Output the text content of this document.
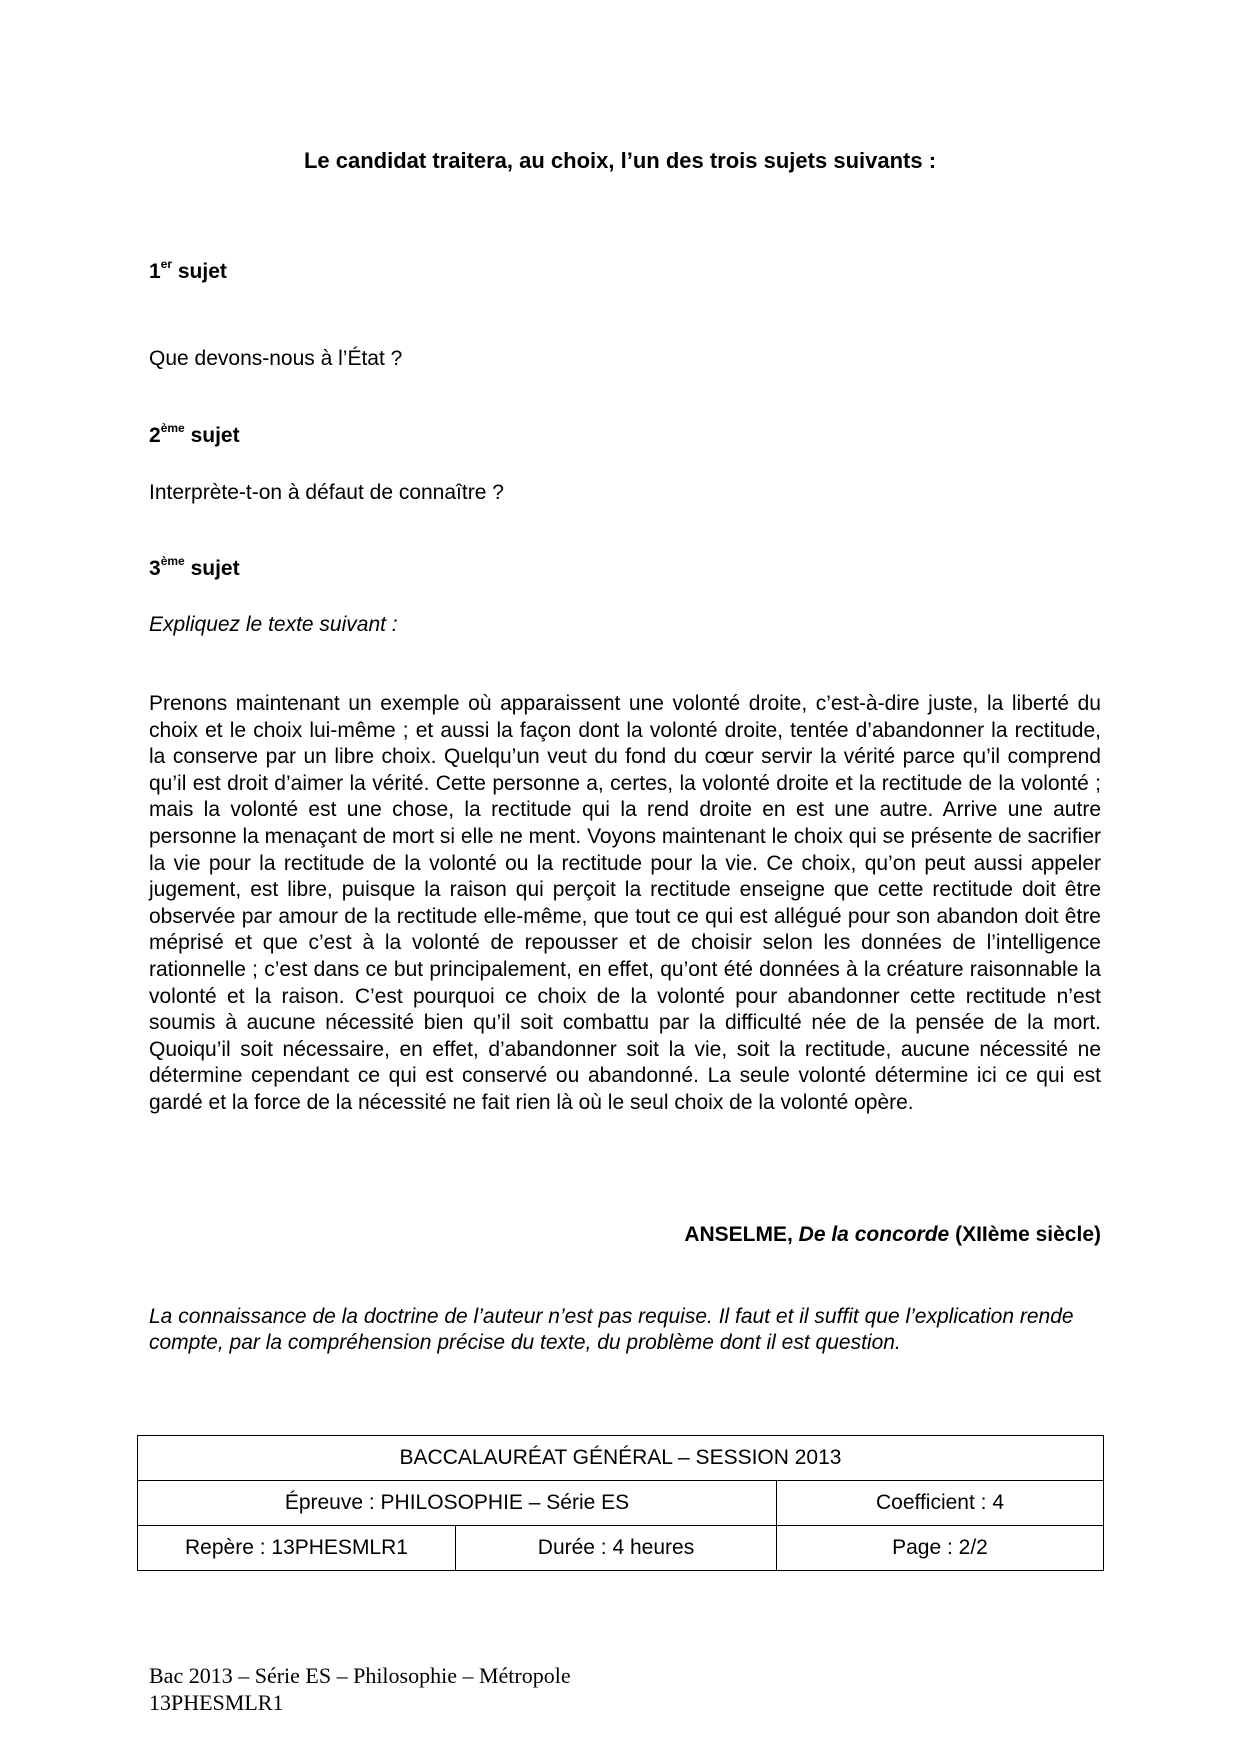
Le candidat traitera, au choix, l’un des trois sujets suivants :
1er sujet
Que devons-nous à l’État ?
2ème sujet
Interprète-t-on à défaut de connaître ?
3ème sujet
Expliquez le texte suivant :
Prenons maintenant un exemple où apparaissent une volonté droite, c’est-à-dire juste, la liberté du choix et le choix lui-même ; et aussi la façon dont la volonté droite, tentée d’abandonner la rectitude, la conserve par un libre choix. Quelqu’un veut du fond du cœur servir la vérité parce qu’il comprend qu’il est droit d’aimer la vérité. Cette personne a, certes, la volonté droite et la rectitude de la volonté ; mais la volonté est une chose, la rectitude qui la rend droite en est une autre. Arrive une autre personne la menaçant de mort si elle ne ment. Voyons maintenant le choix qui se présente de sacrifier la vie pour la rectitude de la volonté ou la rectitude pour la vie. Ce choix, qu’on peut aussi appeler jugement, est libre, puisque la raison qui perçoit la rectitude enseigne que cette rectitude doit être observée par amour de la rectitude elle-même, que tout ce qui est allégué pour son abandon doit être méprisé et que c’est à la volonté de repousser et de choisir selon les données de l’intelligence rationnelle ; c’est dans ce but principalement, en effet, qu’ont été données à la créature raisonnable la volonté et la raison. C’est pourquoi ce choix de la volonté pour abandonner cette rectitude n’est soumis à aucune nécessité bien qu’il soit combattu par la difficulté née de la pensée de la mort. Quoiqu’il soit nécessaire, en effet, d’abandonner soit la vie, soit la rectitude, aucune nécessité ne détermine cependant ce qui est conservé ou abandonné. La seule volonté détermine ici ce qui est gardé et la force de la nécessité ne fait rien là où le seul choix de la volonté opère.
ANSELME, De la concorde (XIIème siècle)
La connaissance de la doctrine de l’auteur n’est pas requise. Il faut et il suffit que l’explication rende compte, par la compréhension précise du texte, du problème dont il est question.
BACCALAURÉAT GÉNÉRAL – SESSION 2013		
Épreuve : PHILOSOPHIE – Série ES		Coefficient : 4
Repère : 13PHESMLR1	Durée : 4 heures	Page : 2/2
Bac 2013 – Série ES – Philosophie – Métropole
13PHESMLR1
